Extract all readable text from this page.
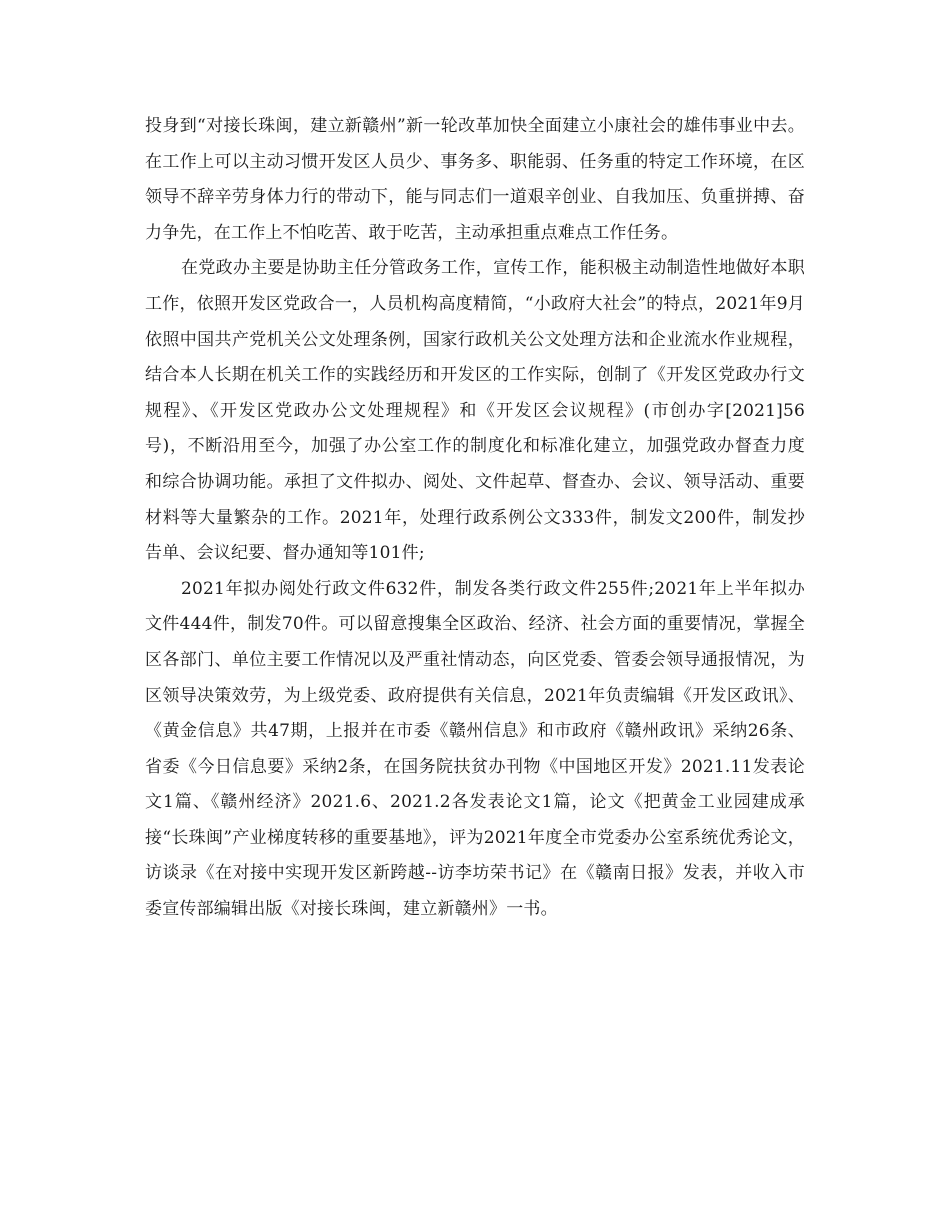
投身到“对接长珠闽，建立新赣州”新一轮改革加快全面建立小康社会的雄伟事业中去。在工作上可以主动习惯开发区人员少、事务多、职能弱、任务重的特定工作环境，在区领导不辞辛劳身体力行的带动下，能与同志们一道艰辛创业、自我加压、负重拼搏、奋力争先，在工作上不怕吃苦、敢于吃苦，主动承担重点难点工作任务。

在党政办主要是协助主任分管政务工作，宣传工作，能积极主动制造性地做好本职工作，依照开发区党政合一，人员机构高度精简，“小政府大社会”的特点，2021年9月依照中国共产党机关公文处理条例，国家行政机关公文处理方法和企业流水作业规程，结合本人长期在机关工作的实践经历和开发区的工作实际，创制了《开发区党政办行文规程》、《开发区党政办公文处理规程》和《开发区会议规程》(市创办字[2021]56号)，不断沿用至今，加强了办公室工作的制度化和标准化建立，加强党政办督查力度和综合协调功能。承担了文件拟办、阅处、文件起草、督查办、会议、领导活动、重要材料等大量繁杂的工作。2021年，处理行政系例公文333件，制发文200件，制发抄告单、会议纪要、督办通知等101件;

2021年拟办阅处行政文件632件，制发各类行政文件255件;2021年上半年拟办文件444件，制发70件。可以留意搜集全区政治、经济、社会方面的重要情况，掌握全区各部门、单位主要工作情况以及严重社情动态，向区党委、管委会领导通报情况，为区领导决策效劳，为上级党委、政府提供有关信息，2021年负责编辑《开发区政讯》、《黄金信息》共47期，上报并在市委《赣州信息》和市政府《赣州政讯》采纳26条、省委《今日信息要》采纳2条，在国务院扶贫办刊物《中国地区开发》2021.11发表论文1篇、《赣州经济》2021.6、2021.2各发表论文1篇，论文《把黄金工业园建成承接“长珠闽”产业梯度转移的重要基地》，评为2021年度全市党委办公室系统优秀论文，访谈录《在对接中实现开发区新跨越--访李坊荣书记》在《赣南日报》发表，并收入市委宣传部编辑出版《对接长珠闽，建立新赣州》一书。
